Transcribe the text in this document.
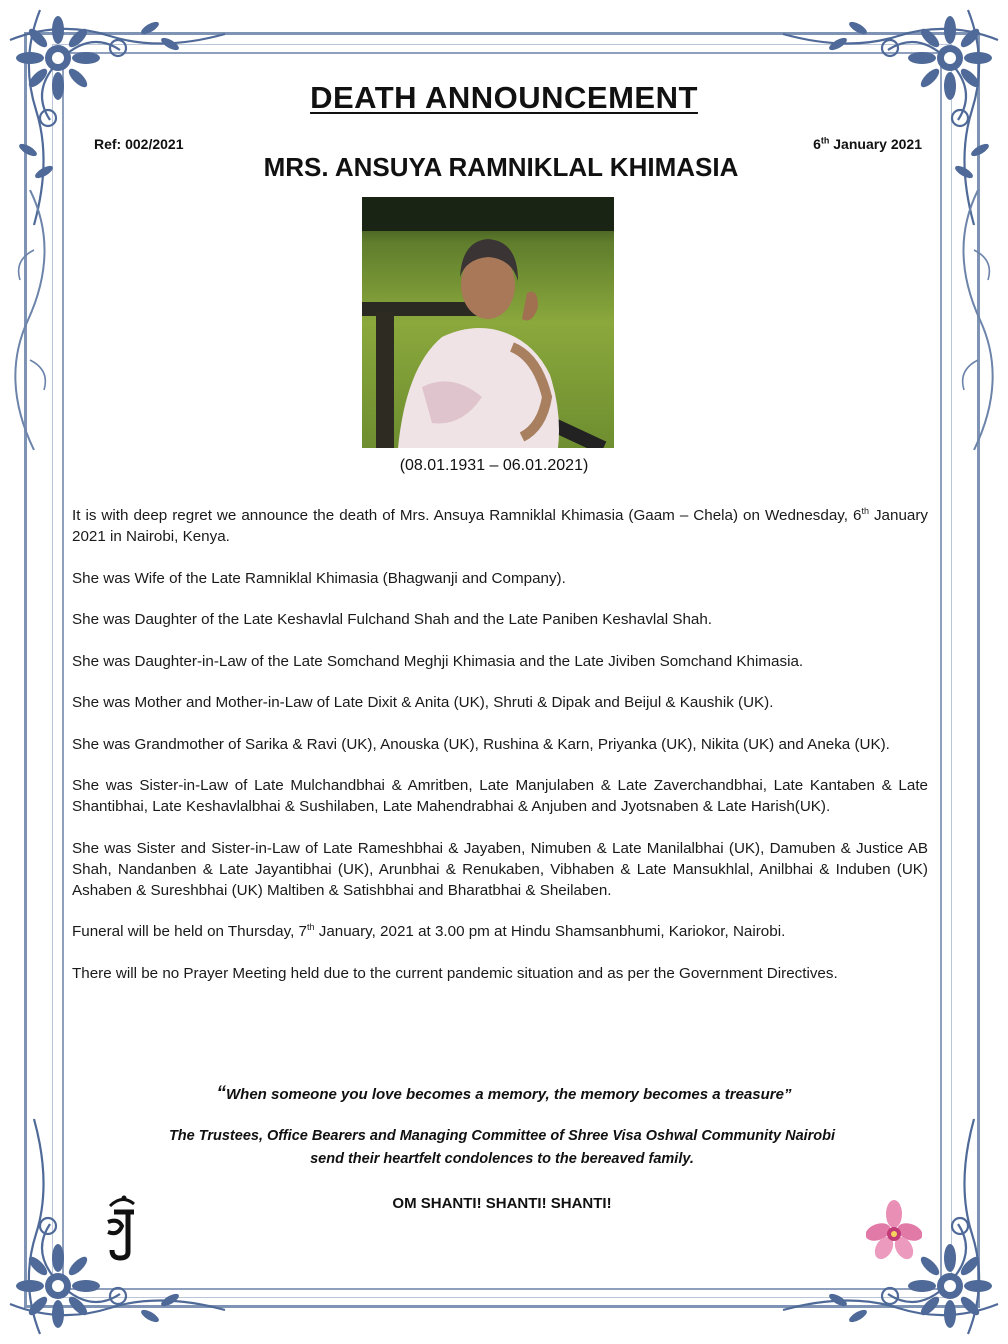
DEATH ANNOUNCEMENT
Ref: 002/2021	6th January 2021
MRS. ANSUYA RAMNIKLAL KHIMASIA
(08.01.1931 – 06.01.2021)

It is with deep regret we announce the death of Mrs. Ansuya Ramniklal Khimasia (Gaam – Chela) on Wednesday, 6th January 2021 in Nairobi, Kenya.

She was Wife of the Late Ramniklal Khimasia (Bhagwanji and Company).

She was Daughter of the Late Keshavlal Fulchand Shah and the Late Paniben Keshavlal Shah.

She was Daughter-in-Law of the Late Somchand Meghji Khimasia and the Late Jiviben Somchand Khimasia.

She was Mother and Mother-in-Law of Late Dixit & Anita (UK), Shruti & Dipak and Beijul & Kaushik (UK).

She was Grandmother of Sarika & Ravi (UK), Anouska (UK), Rushina & Karn, Priyanka (UK), Nikita (UK) and Aneka (UK).

She was Sister-in-Law of Late Mulchandbhai & Amritben, Late Manjulaben & Late Zaverchandbhai, Late Kantaben & Late Shantibhai, Late Keshavlalbhai & Sushilaben, Late Mahendrabhai & Anjuben and Jyotsnaben & Late Harish(UK).

She was Sister and Sister-in-Law of Late Rameshbhai & Jayaben, Nimuben & Late Manilalbhai (UK), Damuben & Justice AB Shah, Nandanben & Late Jayantibhai (UK), Arunbhai & Renukaben, Vibhaben & Late Mansukhlal, Anilbhai & Induben (UK) Ashaben & Sureshbhai (UK) Maltiben & Satishbhai and Bharatbhai & Sheilaben.

Funeral will be held on Thursday, 7th January, 2021 at 3.00 pm at Hindu Shamsanbhumi, Kariokor, Nairobi.

There will be no Prayer Meeting held due to the current pandemic situation and as per the Government Directives.

“When someone you love becomes a memory, the memory becomes a treasure”
The Trustees, Office Bearers and Managing Committee of Shree Visa Oshwal Community Nairobi
send their heartfelt condolences to the bereaved family.
OM SHANTI! SHANTI! SHANTI!
